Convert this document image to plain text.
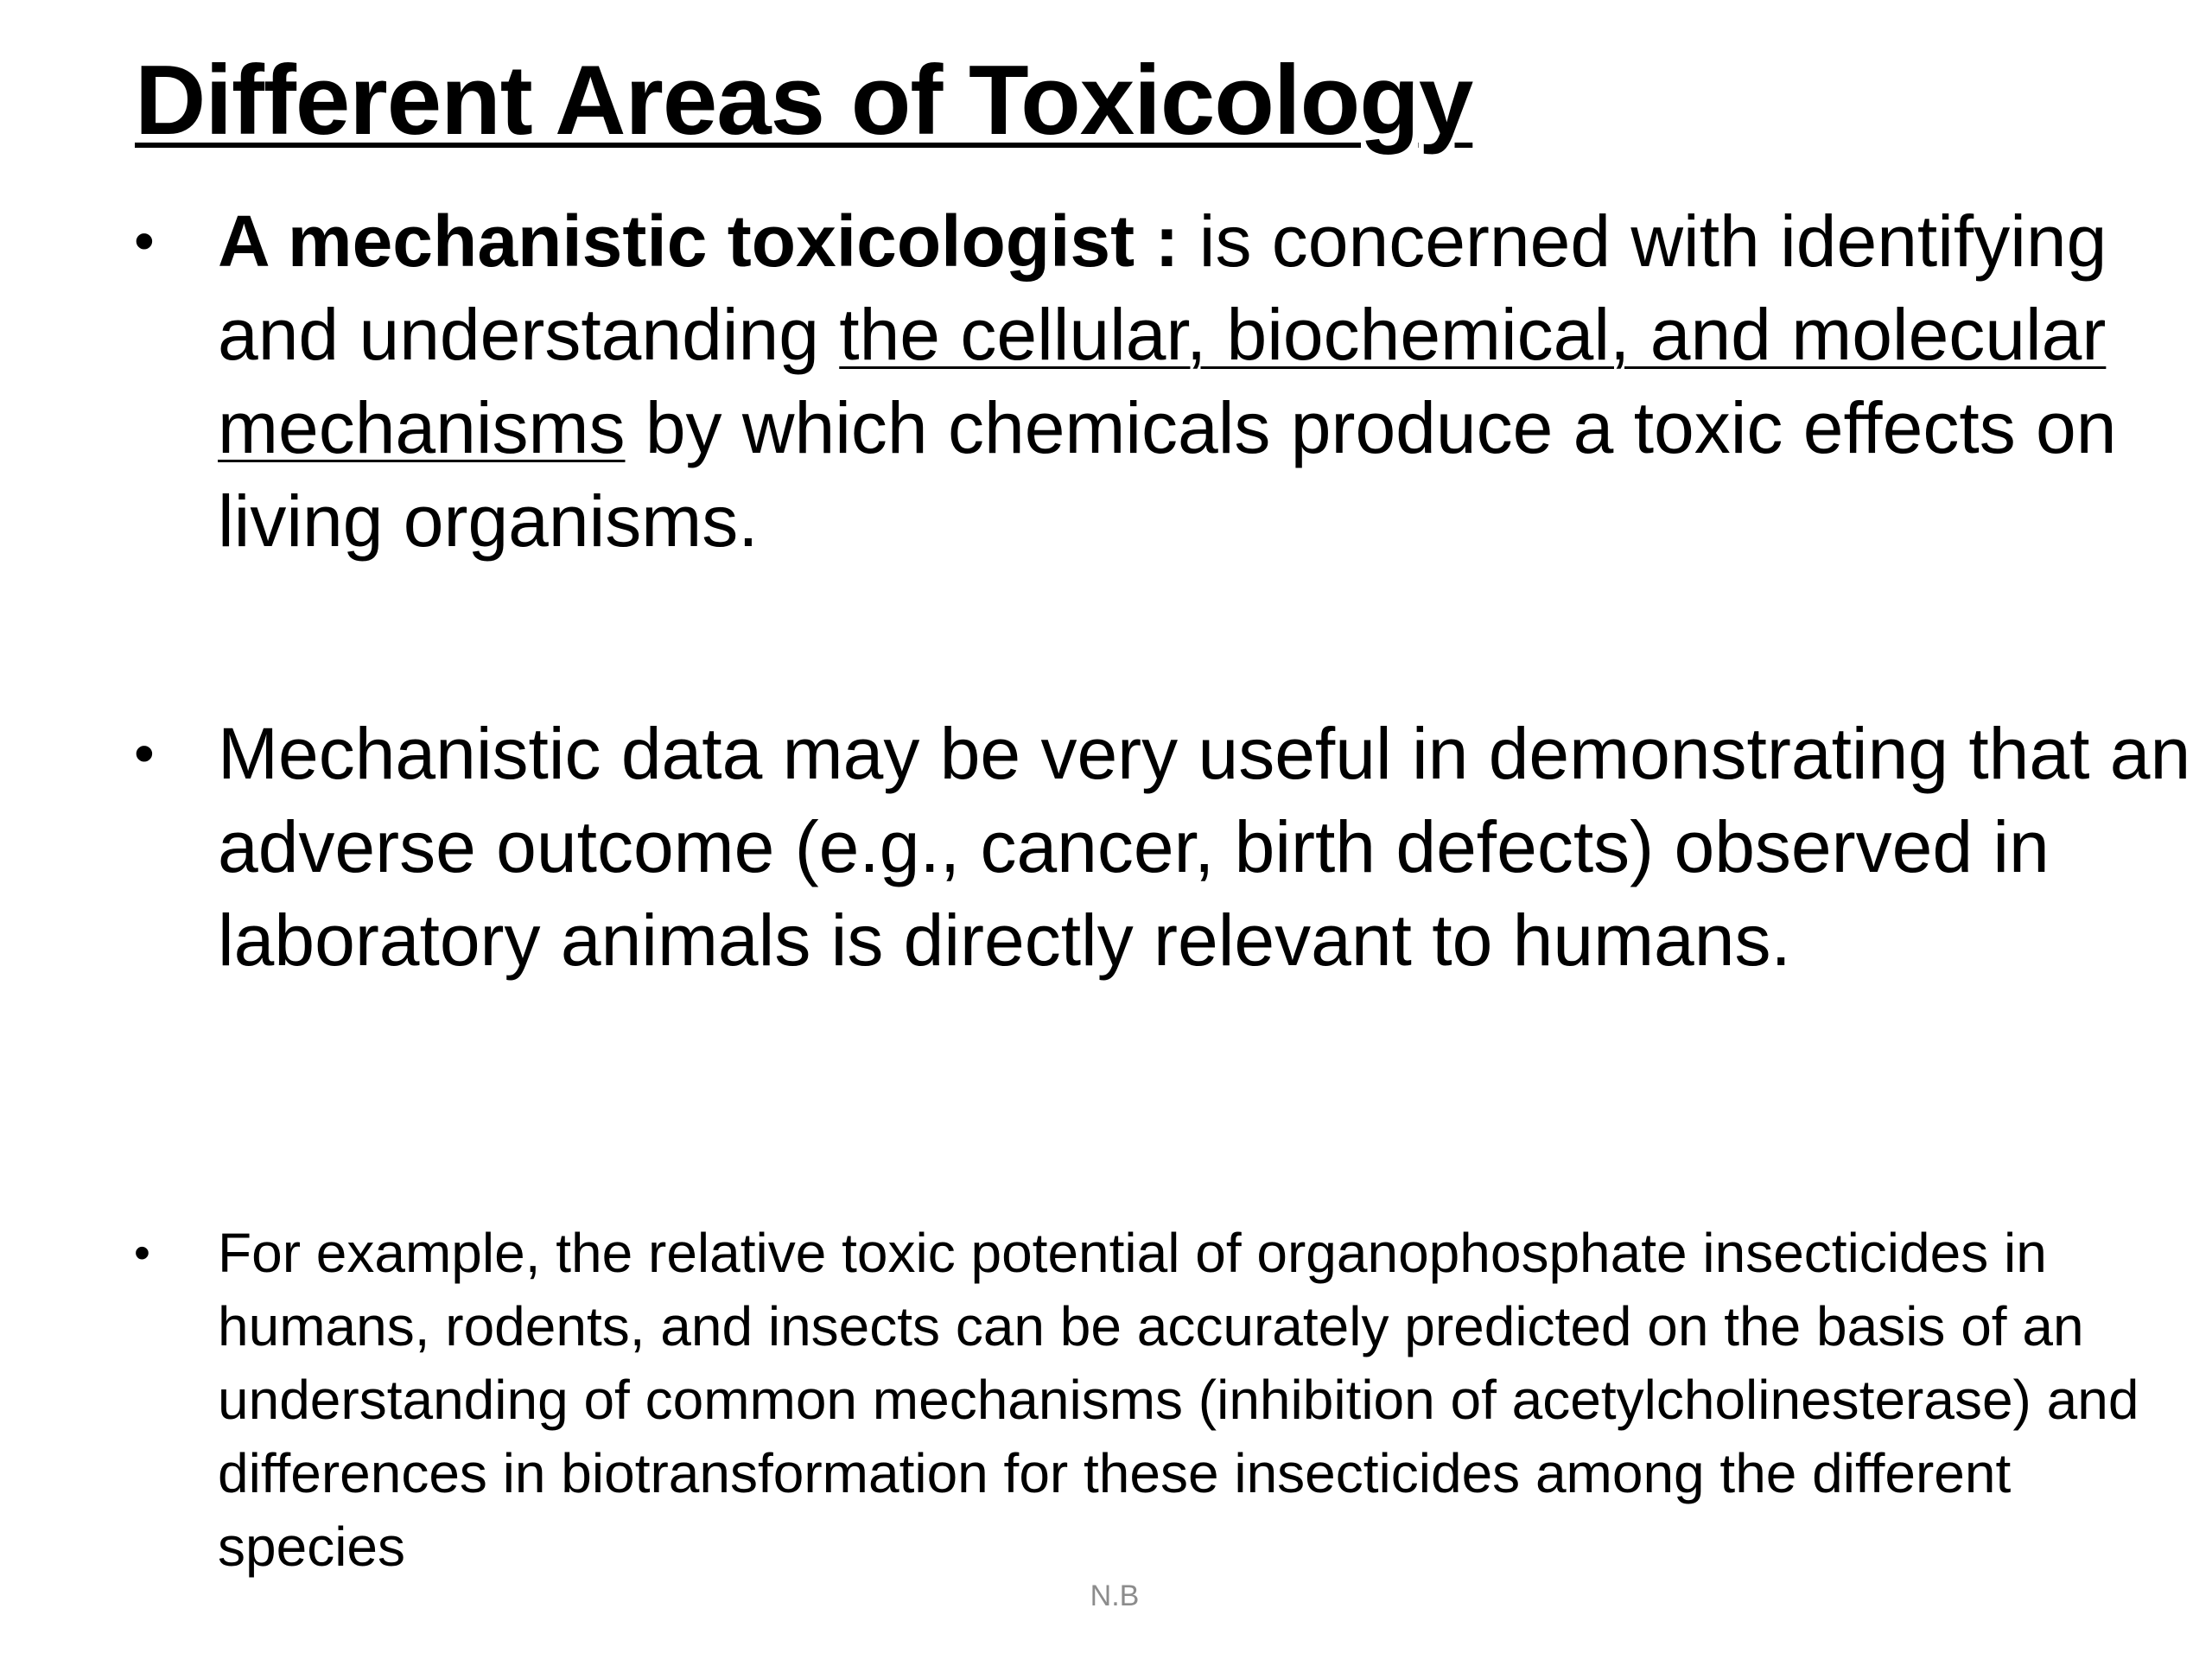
Different Areas of Toxicology
• A mechanistic toxicologist : is concerned with identifying and understanding the cellular, biochemical, and molecular mechanisms by which chemicals produce a toxic effects on living organisms.
• Mechanistic data may be very useful in demonstrating that an adverse outcome (e.g., cancer, birth defects) observed in laboratory animals is directly relevant to humans.
• For example, the relative toxic potential of organophosphate insecticides in humans, rodents, and insects can be accurately predicted on the basis of an understanding of common mechanisms (inhibition of acetylcholinesterase) and differences in biotransformation for these insecticides among the different species
N.B
